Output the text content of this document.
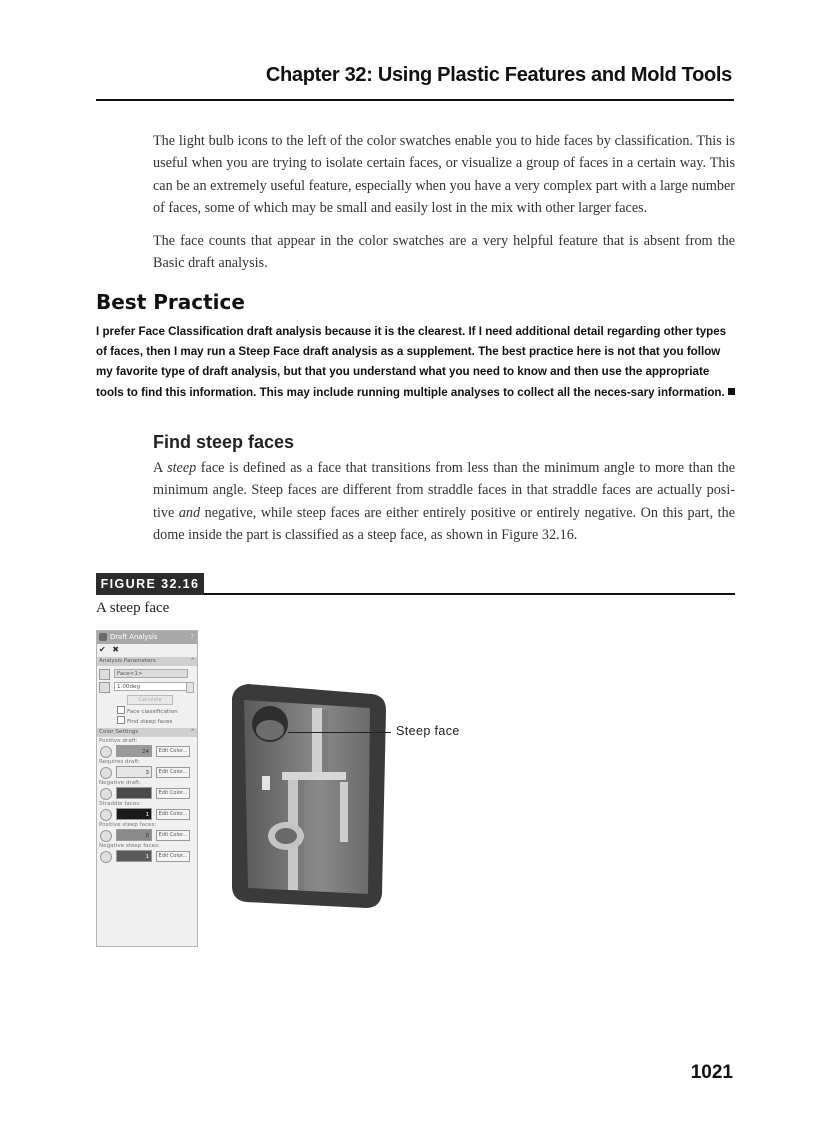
Chapter 32: Using Plastic Features and Mold Tools

The light bulb icons to the left of the color swatches enable you to hide faces by classification. This is useful when you are trying to isolate certain faces, or visualize a group of faces in a certain way. This can be an extremely useful feature, especially when you have a very complex part with a large number of faces, some of which may be small and easily lost in the mix with other larger faces.

The face counts that appear in the color swatches are a very helpful feature that is absent from the Basic draft analysis.

Best Practice

I prefer Face Classification draft analysis because it is the clearest. If I need additional detail regarding other types of faces, then I may run a Steep Face draft analysis as a supplement. The best practice here is not that you follow my favorite type of draft analysis, but that you understand what you need to know and then use the appropriate tools to find this information. This may include running multiple analyses to collect all the neces-sary information.

Find steep faces

A steep face is defined as a face that transitions from less than the minimum angle to more than the minimum angle. Steep faces are different from straddle faces in that straddle faces are actually posi-tive and negative, while steep faces are either entirely positive or entirely negative. On this part, the dome inside the part is classified as a steep face, as shown in Figure 32.16.

FIGURE 32.16
A steep face
Draft Analysis	?
✔ ✖
Analysis Parameters	^
Face<1>
1.00deg
Calculate
Face classification
Find steep faces
Color Settings	^
Positive draft:
24	Edit Color...
Requires draft:
3	Edit Color...
Negative draft:
Edit Color...
Straddle faces:
1	Edit Color...
Positive steep faces:
0	Edit Color...
Negative steep faces:
1	Edit Color...
Steep face
1021
